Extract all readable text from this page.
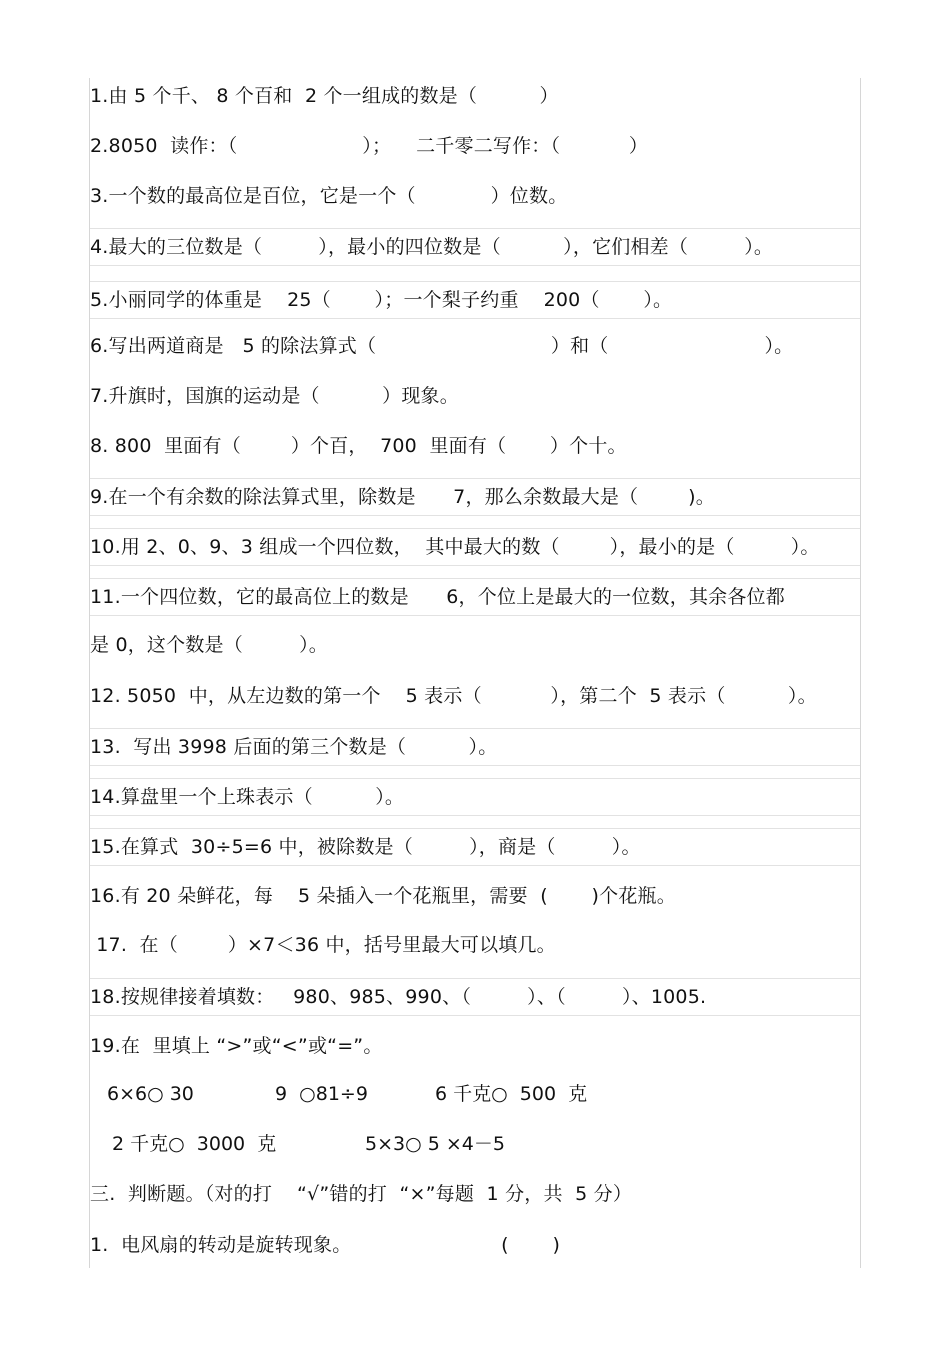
1.由 5 个千、 8 个百和  2 个一组成的数是（          ）
2.8050  读作：（                    ）；    二千零二写作：（           ）
3.一个数的最高位是百位，它是一个（            ）位数。
4.最大的三位数是（         ），最小的四位数是（          ），它们相差（         ）。
5.小丽同学的体重是    25（       ）；一个梨子约重    200（       ）。
6.写出两道商是   5 的除法算式（                            ）和（                         ）。
7.升旗时，国旗的运动是（          ）现象。
8. 800  里面有（        ）个百，  700  里面有（       ）个十。
9.在一个有余数的除法算式里，除数是      7，那么余数最大是（        )。
10.用 2、0、9、3 组成一个四位数，  其中最大的数（        ），最小的是（         ）。
11.一个四位数，它的最高位上的数是      6，个位上是最大的一位数，其余各位都
是 0，这个数是（         ）。
12. 5050  中，从左边数的第一个    5 表示（           ），第二个  5 表示（          ）。
13.  写出 3998 后面的第三个数是（          ）。
14.算盘里一个上珠表示（          ）。
15.在算式  30÷5=6 中，被除数是（         ），商是（         ）。
16.有 20 朵鲜花，每    5 朵插入一个花瓶里，需要  (       )个花瓶。
17.  在（        ）×7＜36 中，括号里最大可以填几。
18.按规律接着填数：   980、985、990、（         ）、（         ）、1005.
19.在  里填上 “>”或“<”或“=”。
6×6○ 30	9  ○81÷9	6 千克○  500  克
2 千克○  3000  克	5×3○ 5 ×4－5
三.  判断题。（对的打    “√”错的打  “×”每题  1 分，共  5 分）
1.  电风扇的转动是旋转现象。                        (       )
